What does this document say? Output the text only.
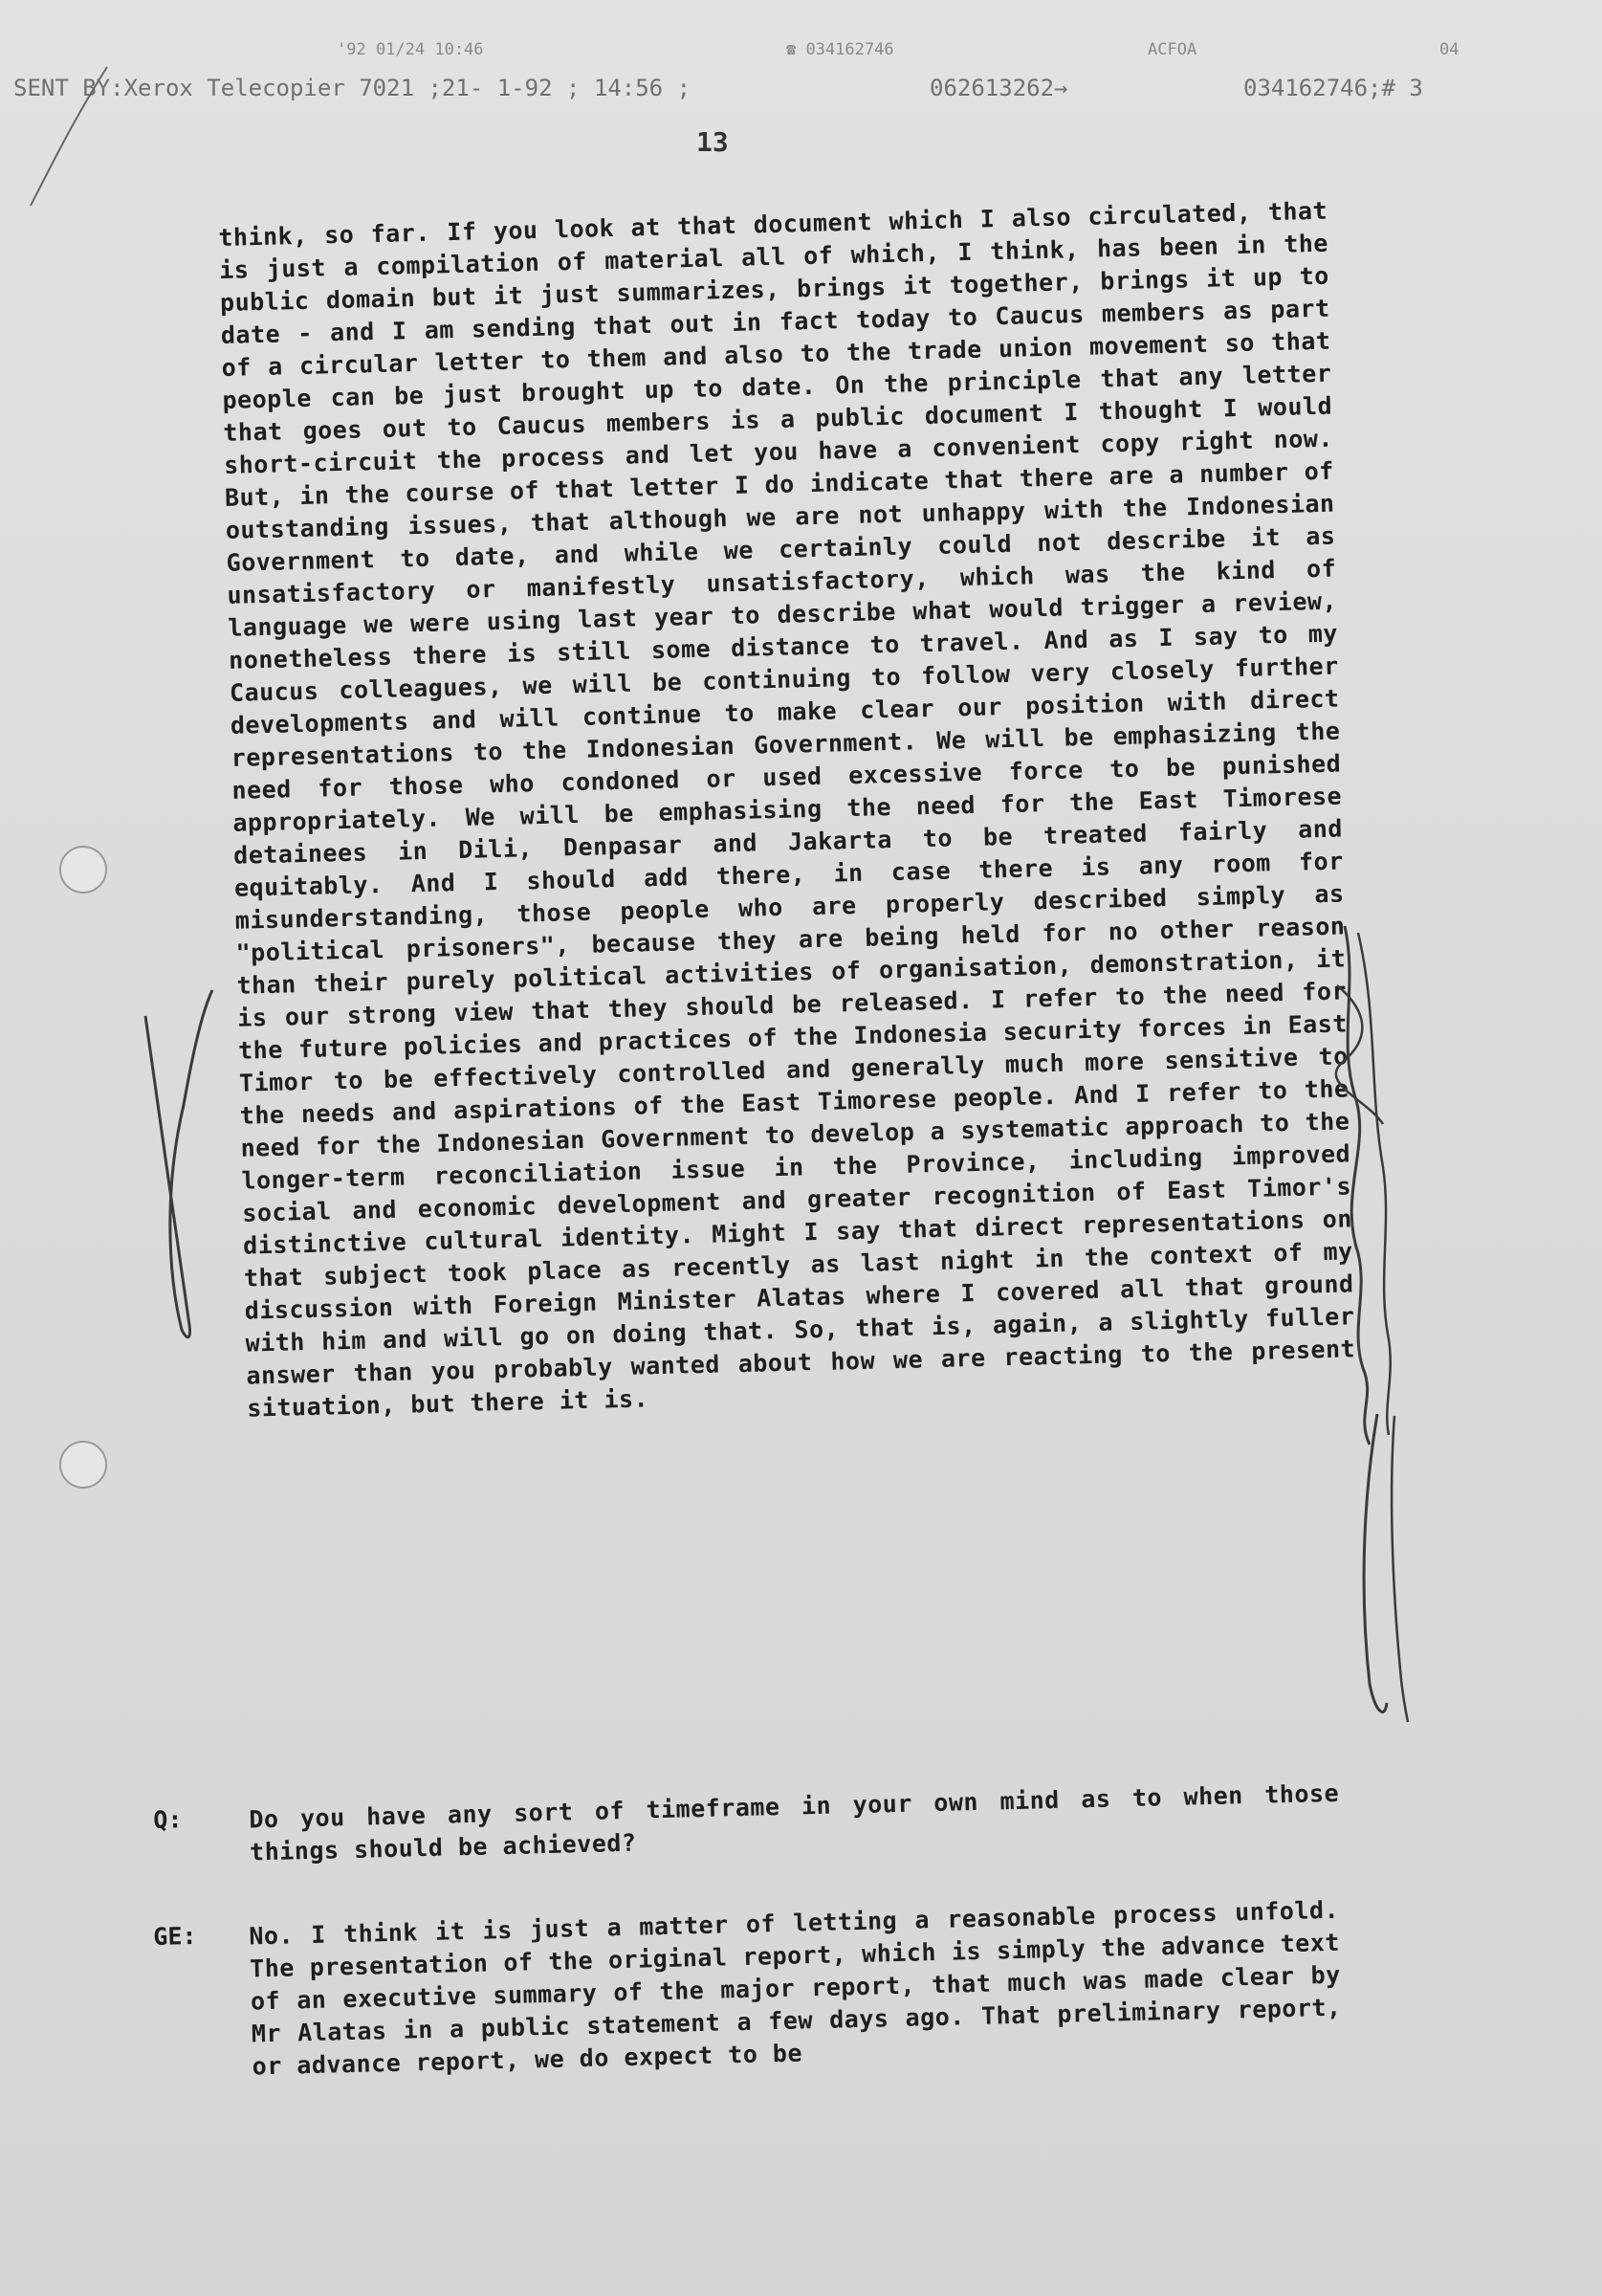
'92 01/24 10:46	☎ 034162746	ACFOA	04
SENT BY:Xerox Telecopier 7021 ;21- 1-92 ; 14:56 ;	062613262→	034162746;# 3
13

think, so far. If you look at that document which I also circulated, that is just a compilation of material all of which, I think, has been in the public domain but it just summarizes, brings it together, brings it up to date - and I am sending that out in fact today to Caucus members as part of a circular letter to them and also to the trade union movement so that people can be just brought up to date. On the principle that any letter that goes out to Caucus members is a public document I thought I would short-circuit the process and let you have a convenient copy right now. But, in the course of that letter I do indicate that there are a number of outstanding issues, that although we are not unhappy with the Indonesian Government to date, and while we certainly could not describe it as unsatisfactory or manifestly unsatisfactory, which was the kind of language we were using last year to describe what would trigger a review, nonetheless there is still some distance to travel. And as I say to my Caucus colleagues, we will be continuing to follow very closely further developments and will continue to make clear our position with direct representations to the Indonesian Government. We will be emphasizing the need for those who condoned or used excessive force to be punished appropriately. We will be emphasising the need for the East Timorese detainees in Dili, Denpasar and Jakarta to be treated fairly and equitably. And I should add there, in case there is any room for misunderstanding, those people who are properly described simply as "political prisoners", because they are being held for no other reason than their purely political activities of organisation, demonstration, it is our strong view that they should be released. I refer to the need for the future policies and practices of the Indonesia security forces in East Timor to be effectively controlled and generally much more sensitive to the needs and aspirations of the East Timorese people. And I refer to the need for the Indonesian Government to develop a systematic approach to the longer-term reconciliation issue in the Province, including improved social and economic development and greater recognition of East Timor's distinctive cultural identity. Might I say that direct representations on that subject took place as recently as last night in the context of my discussion with Foreign Minister Alatas where I covered all that ground with him and will go on doing that. So, that is, again, a slightly fuller answer than you probably wanted about how we are reacting to the present situation, but there it is.

Q:	Do you have any sort of timeframe in your own mind as to when those things should be achieved?
GE: No. I think it is just a matter of letting a reasonable process unfold. The presentation of the original report, which is simply the advance text of an executive summary of the major report, that much was made clear by Mr Alatas in a public statement a few days ago. That preliminary report, or advance report, we do expect to be
